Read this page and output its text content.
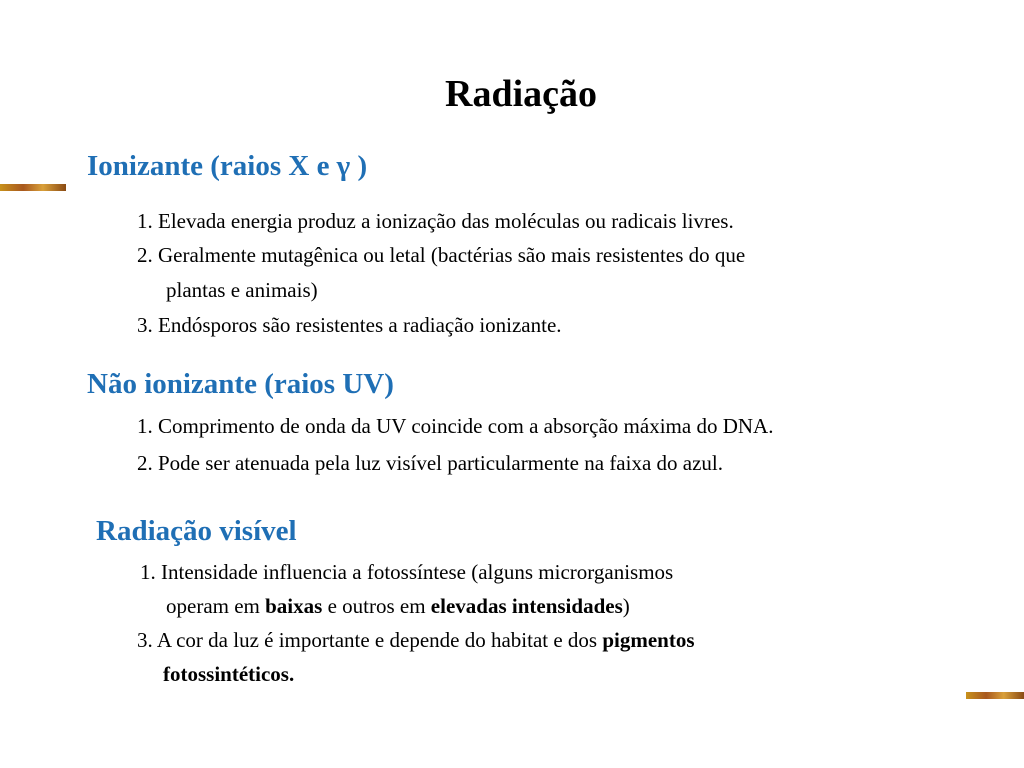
Radiação
Ionizante (raios X e γ )

1. Elevada energia produz a ionização das moléculas ou radicais livres.

2. Geralmente mutagênica ou letal (bactérias são mais resistentes do que

plantas e animais)

3. Endósporos são resistentes a radiação ionizante.

Não ionizante (raios UV)

1. Comprimento de onda da UV coincide com a absorção máxima do DNA.

2. Pode ser atenuada pela luz visível particularmente na faixa do azul.

Radiação visível

1. Intensidade influencia a fotossíntese (alguns microrganismos

operam em baixas e outros em elevadas intensidades)

3. A cor da luz é importante e depende do habitat e dos pigmentos

fotossintéticos.
